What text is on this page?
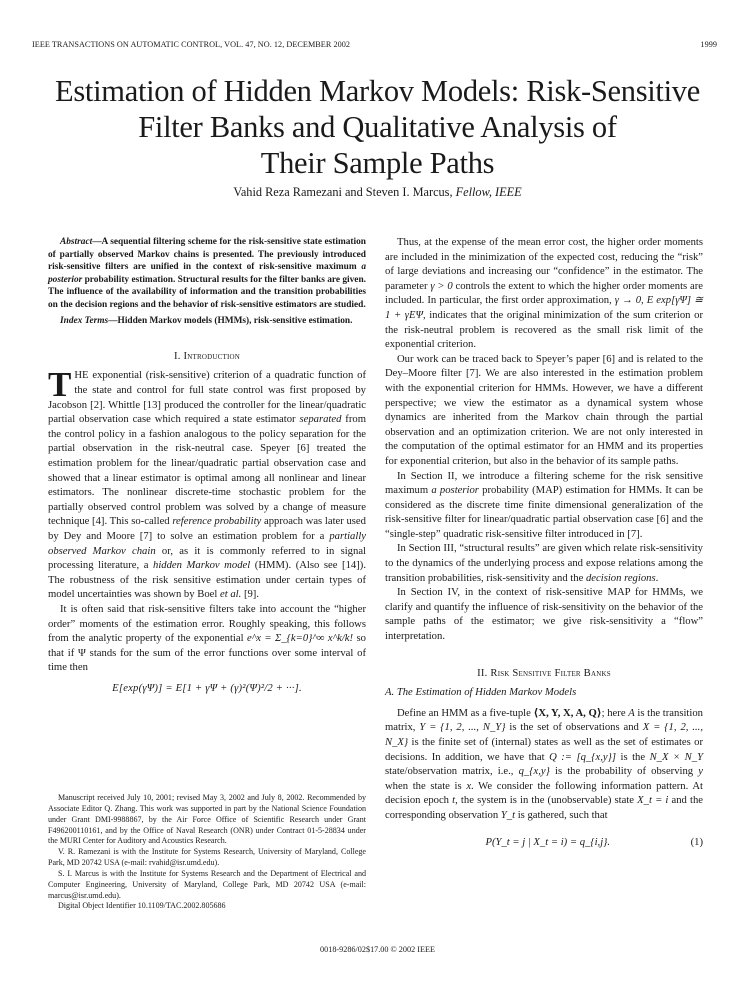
IEEE TRANSACTIONS ON AUTOMATIC CONTROL, VOL. 47, NO. 12, DECEMBER 2002	1999
Estimation of Hidden Markov Models: Risk-Sensitive
Filter Banks and Qualitative Analysis of
Their Sample Paths
Vahid Reza Ramezani and Steven I. Marcus, Fellow, IEEE

Abstract—A sequential filtering scheme for the risk-sensitive state estimation of partially observed Markov chains is presented. The previously introduced risk-sensitive filters are unified in the context of risk-sensitive maximum a posterior probability estimation. Structural results for the filter banks are given. The influence of the availability of information and the transition probabilities on the decision regions and the behavior of risk-sensitive estimators are studied.

Index Terms—Hidden Markov models (HMMs), risk-sensitive estimation.

I. Introduction

THE exponential (risk-sensitive) criterion of a quadratic function of the state and control for full state control was first proposed by Jacobson [2]. Whittle [13] produced the controller for the linear/quadratic partial observation case which required a state estimator separated from the control policy in a fashion analogous to the policy separation for the partial observation in the risk-neutral case. Speyer [6] treated the estimation problem for the linear/quadratic partial observation case and showed that a linear estimator is optimal among all nonlinear and linear estimators. The nonlinear discrete-time stochastic problem for the partially observed control problem was solved by a change of measure technique [4]. This so-called reference probability approach was later used by Dey and Moore [7] to solve an estimation problem for a partially observed Markov chain or, as it is commonly referred to in signal processing literature, a hidden Markov model (HMM). (Also see [14]). The robustness of the risk sensitive estimation under certain types of model uncertainties was shown by Boel et al. [9].

It is often said that risk-sensitive filters take into account the “higher order” moments of the estimation error. Roughly speaking, this follows from the analytic property of the exponential e^x = Σ_{k=0}^∞ x^k/k! so that if Ψ stands for the sum of the error functions over some interval of time then

E[exp(γΨ)] = E[1 + γΨ + (γ)²(Ψ)²/2 + ···].

Manuscript received July 10, 2001; revised May 3, 2002 and July 8, 2002. Recommended by Associate Editor Q. Zhang. This work was supported in part by the National Science Foundation under Grant DMI-9988867, by the Air Force Office of Scientific Research under Grant F496200110161, and by the Office of Naval Research (ONR) under Contract 01-5-28834 under the MURI Center for Auditory and Acoustics Research.

V. R. Ramezani is with the Institute for Systems Research, University of Maryland, College Park, MD 20742 USA (e-mail: rvahid@isr.umd.edu).

S. I. Marcus is with the Institute for Systems Research and the Department of Electrical and Computer Engineering, University of Maryland, College Park, MD 20742 USA (e-mail: marcus@isr.umd.edu).

Digital Object Identifier 10.1109/TAC.2002.805686

Thus, at the expense of the mean error cost, the higher order moments are included in the minimization of the expected cost, reducing the “risk” of large deviations and increasing our “confidence” in the estimator. The parameter γ > 0 controls the extent to which the higher order moments are included. In particular, the first order approximation, γ → 0, E exp[γΨ] ≅ 1 + γEΨ, indicates that the original minimization of the sum criterion or the risk-neutral problem is recovered as the small risk limit of the exponential criterion.

Our work can be traced back to Speyer’s paper [6] and is related to the Dey–Moore filter [7]. We are also interested in the estimation problem with the exponential criterion for HMMs. However, we have a different perspective; we view the estimator as a dynamical system whose dynamics are inherited from the Markov chain through the partial observation and an optimization criterion. We are not only interested in the computation of the optimal estimator for an HMM and its properties for exponential criterion, but also in the behavior of its sample paths.

In Section II, we introduce a filtering scheme for the risk sensitive maximum a posterior probability (MAP) estimation for HMMs. It can be considered as the discrete time finite dimensional generalization of the risk-sensitive filter for linear/quadratic partial observation case [6] and the “single-step” quadratic risk-sensitive filter introduced in [7].

In Section III, “structural results” are given which relate risk-sensitivity to the dynamics of the underlying process and expose relations among the transition probabilities, risk-sensitivity and the decision regions.

In Section IV, in the context of risk-sensitive MAP for HMMs, we clarify and quantify the influence of risk-sensitivity on the behavior of the sample paths of the estimator; we give risk-sensitivity a “flow” interpretation.

II. Risk Sensitive Filter Banks
A. The Estimation of Hidden Markov Models

Define an HMM as a five-tuple ⟨X, Y, X, A, Q⟩; here A is the transition matrix, Y = {1, 2, ..., N_Y} is the set of observations and X = {1, 2, ..., N_X} is the finite set of (internal) states as well as the set of estimates or decisions. In addition, we have that Q := [q_{x,y}] is the N_X × N_Y state/observation matrix, i.e., q_{x,y} is the probability of observing y when the state is x. We consider the following information pattern. At decision epoch t, the system is in the (unobservable) state X_t = i and the corresponding observation Y_t is gathered, such that

P(Y_t = j | X_t = i) = q_{i,j}.	(1)
0018-9286/02$17.00 © 2002 IEEE
